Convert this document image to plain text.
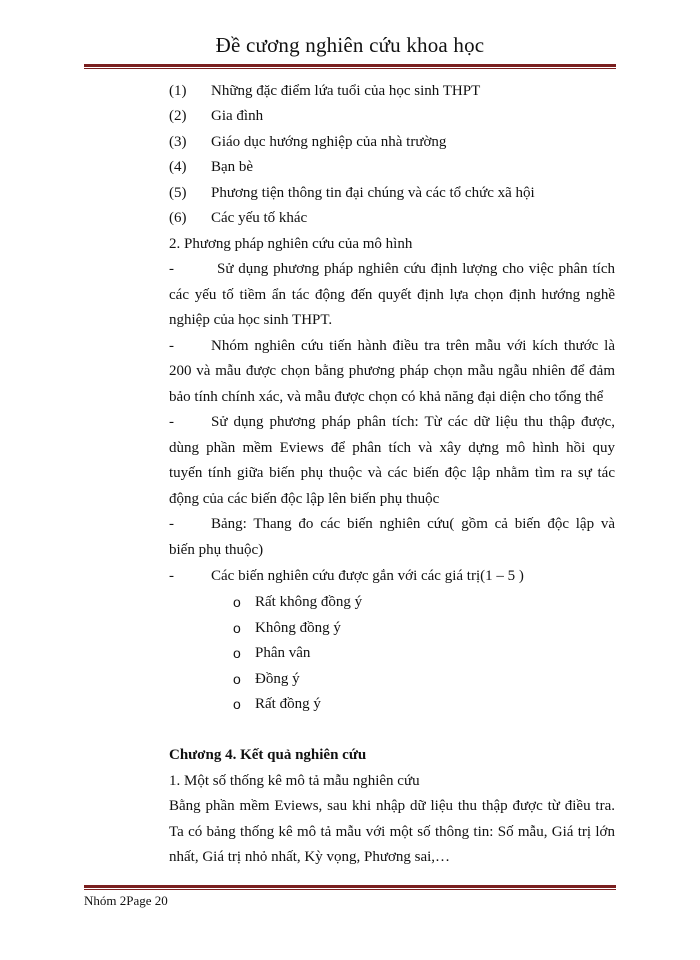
Đề cương nghiên cứu khoa học
(1) Những đặc điểm lứa tuổi của học sinh THPT
(2) Gia đình
(3) Giáo dục hướng nghiệp của nhà trường
(4) Bạn bè
(5) Phương tiện thông tin đại chúng và các tổ chức xã hội
(6) Các yếu tố khác
2. Phương pháp nghiên cứu của mô hình
-	Sử dụng phương pháp nghiên cứu định lượng cho việc phân tích
các yếu tố tiềm ẩn tác động đến quyết định lựa chọn định hướng nghề
nghiệp của học sinh THPT.
- Nhóm nghiên cứu tiến hành điều tra trên mẫu với kích thước là
200 và mẫu được chọn bằng phương pháp chọn mẫu ngẫu nhiên để đảm
bảo tính chính xác, và mẫu được chọn có khả năng đại diện cho tổng thể
- Sử dụng phương pháp phân tích: Từ các dữ liệu thu thập được,
dùng phần mềm Eviews để phân tích và xây dựng mô hình hồi quy
tuyến tính giữa biến phụ thuộc và các biến độc lập nhằm tìm ra sự tác
động của các biến độc lập lên biến phụ thuộc
- Bảng: Thang đo các biến nghiên cứu( gồm cả biến độc lập và
biến phụ thuộc)
- Các biến nghiên cứu được gắn với các giá trị(1 – 5 )
o Rất không đồng ý
o Không đồng ý
o Phân vân
o Đồng ý
o Rất đồng ý
Chương 4. Kết quả nghiên cứu
1. Một số thống kê mô tả mẫu nghiên cứu
Bằng phần mềm Eviews, sau khi nhập dữ liệu thu thập được từ điều tra.
Ta có bảng thống kê mô tả mẫu với một số thông tin: Số mẫu, Giá trị lớn
nhất, Giá trị nhỏ nhất, Kỳ vọng, Phương sai,…
Nhóm 2Page 20
